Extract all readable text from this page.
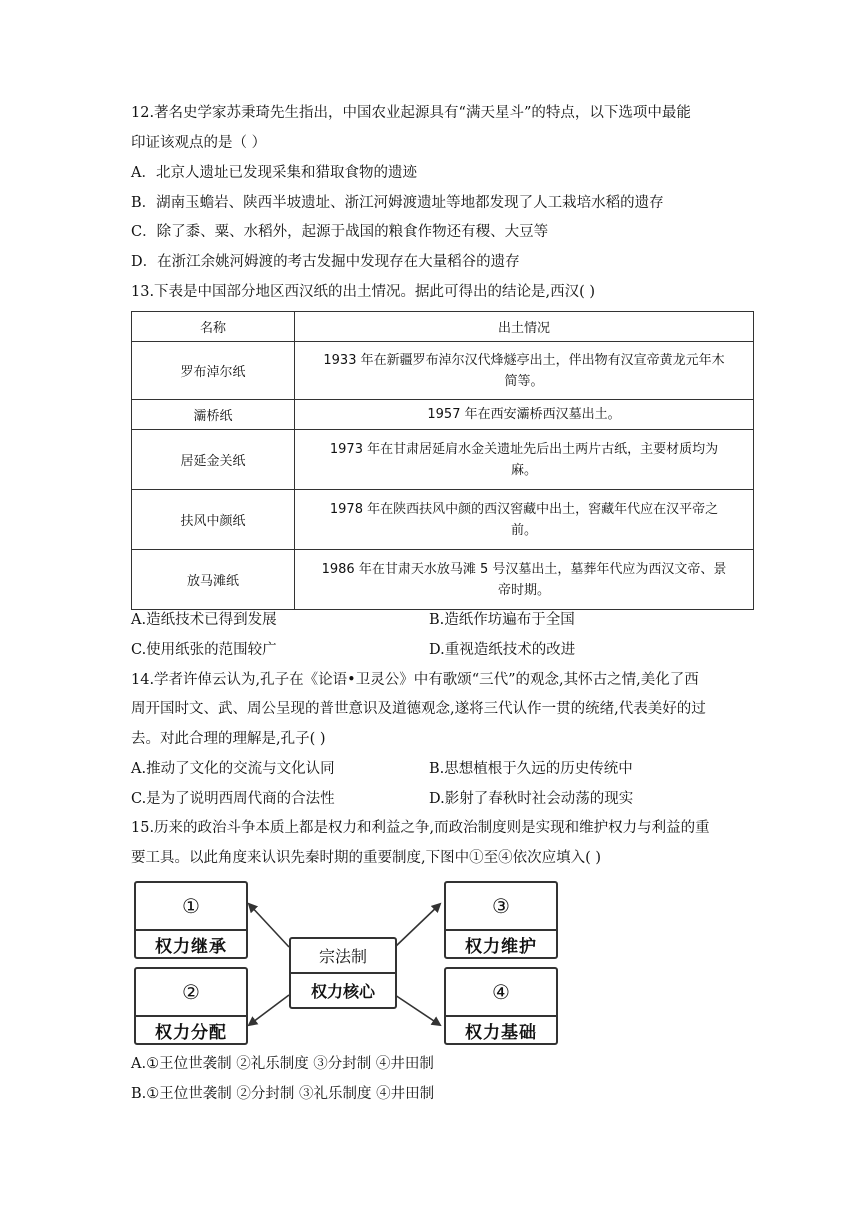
12.著名史学家苏秉琦先生指出，中国农业起源具有“满天星斗”的特点，以下选项中最能
印证该观点的是（ ）
A．北京人遗址已发现采集和猎取食物的遗迹
B．湖南玉蟾岩、陕西半坡遗址、浙江河姆渡遗址等地都发现了人工栽培水稻的遗存
C．除了黍、粟、水稻外，起源于战国的粮食作物还有稷、大豆等
D．在浙江余姚河姆渡的考古发掘中发现存在大量稻谷的遗存
13.下表是中国部分地区西汉纸的出土情况。据此可得出的结论是,西汉( )
名称	出土情况
罗布淖尔纸	1933 年在新疆罗布淖尔汉代烽燧亭出土，伴出物有汉宣帝黄龙元年木
简等。

灞桥纸	1957 年在西安灞桥西汉墓出土。

居延金关纸	1973 年在甘肃居延肩水金关遗址先后出土两片古纸，主要材质均为
麻。

扶风中颜纸	1978 年在陕西扶风中颜的西汉窖藏中出土，窖藏年代应在汉平帝之
前。

放马滩纸	1986 年在甘肃天水放马滩 5 号汉墓出土，墓葬年代应为西汉文帝、景
帝时期。
A.造纸技术已得到发展	B.造纸作坊遍布于全国
C.使用纸张的范围较广	D.重视造纸技术的改进
14.学者许倬云认为,孔子在《论语•卫灵公》中有歌颂“三代”的观念,其怀古之情,美化了西
周开国时文、武、周公呈现的普世意识及道德观念,遂将三代认作一贯的统绪,代表美好的过
去。对此合理的理解是,孔子( )
A.推动了文化的交流与文化认同	B.思想植根于久远的历史传统中
C.是为了说明西周代商的合法性	D.影射了春秋时社会动荡的现实
15.历来的政治斗争本质上都是权力和利益之争,而政治制度则是实现和维护权力与利益的重
要工具。以此角度来认识先秦时期的重要制度,下图中①至④依次应填入( )
①
权力继承
②
权力分配
③
权力维护
④
权力基础
宗法制
权力核心
A.①王位世袭制 ②礼乐制度 ③分封制 ④井田制
B.①王位世袭制 ②分封制 ③礼乐制度 ④井田制
